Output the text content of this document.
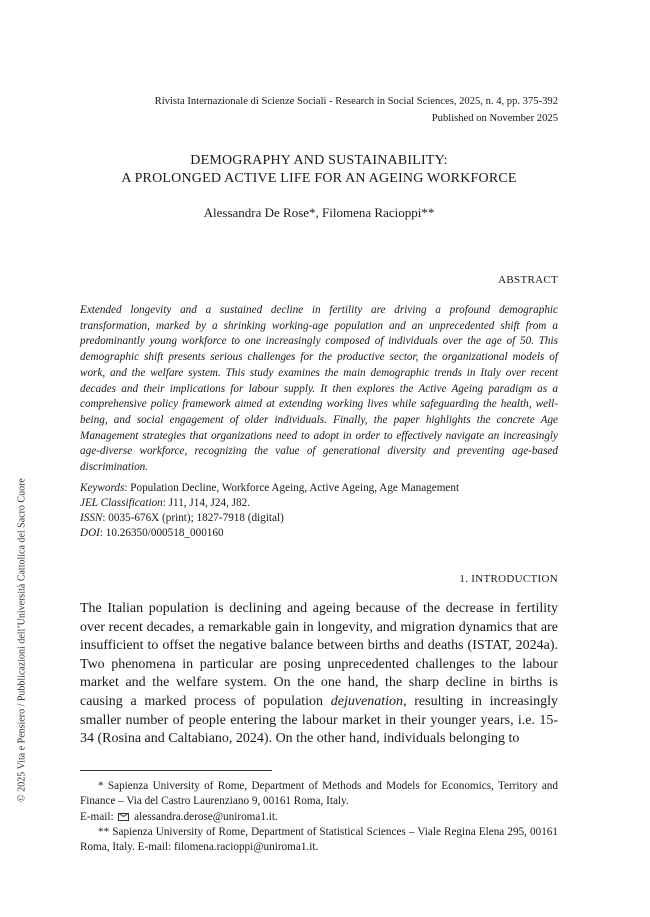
© 2025 Vita e Pensiero / Pubblicazioni dell’Università Cattolica del Sacro Cuore
Rivista Internazionale di Scienze Sociali - Research in Social Sciences, 2025, n. 4, pp. 375-392
Published on November 2025
DEMOGRAPHY AND SUSTAINABILITY:
A PROLONGED ACTIVE LIFE FOR AN AGEING WORKFORCE
Alessandra De Rose*, Filomena Racioppi**
ABSTRACT

Extended longevity and a sustained decline in fertility are driving a profound demographic transformation, marked by a shrinking working-age population and an unprecedented shift from a predominantly young workforce to one increasingly composed of individuals over the age of 50. This demographic shift presents serious challenges for the productive sector, the organizational models of work, and the welfare system. This study examines the main demographic trends in Italy over recent decades and their implications for labour supply. It then explores the Active Ageing paradigm as a comprehensive policy framework aimed at extending working lives while safeguarding the health, well-being, and social engagement of older individuals. Finally, the paper highlights the concrete Age Management strategies that organizations need to adopt in order to effectively navigate an increasingly age-diverse workforce, recognizing the value of generational diversity and preventing age-based discrimination.

Keywords: Population Decline, Workforce Ageing, Active Ageing, Age Management
JEL Classification: J11, J14, J24, J82.
ISSN: 0035-676X (print); 1827-7918 (digital)
DOI: 10.26350/000518_000160
1. INTRODUCTION

The Italian population is declining and ageing because of the decrease in fertility over recent decades, a remarkable gain in longevity, and migration dynamics that are insufficient to offset the negative balance between births and deaths (ISTAT, 2024a). Two phenomena in particular are posing unprecedented challenges to the labour market and the welfare system. On the one hand, the sharp decline in births is causing a marked process of population dejuvenation, resulting in increasingly smaller number of people entering the labour market in their younger years, i.e. 15-34 (Rosina and Caltabiano, 2024). On the other hand, individuals belonging to

* Sapienza University of Rome, Department of Methods and Models for Economics, Territory and Finance – Via del Castro Laurenziano 9, 00161 Roma, Italy.

E-mail: alessandra.derose@uniroma1.it.

** Sapienza University of Rome, Department of Statistical Sciences – Viale Regina Elena 295, 00161 Roma, Italy. E-mail: filomena.racioppi@uniroma1.it.
